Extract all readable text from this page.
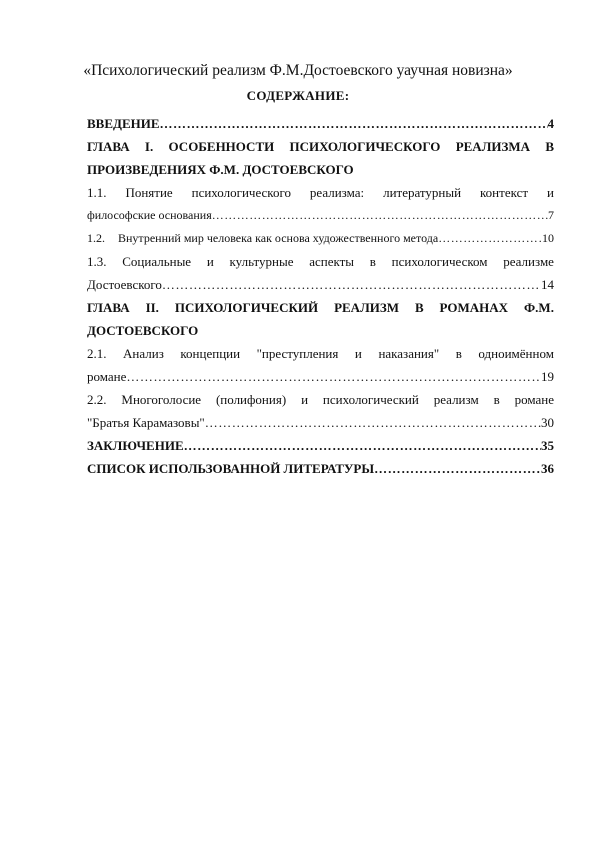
«Психологический реализм Ф.М.Достоевского уаучная новизна»
СОДЕРЖАНИЕ:
ВВЕДЕНИЕ ………………………………………………………………………………………………………………………………………………	4
ГЛАВА I. ОСОБЕННОСТИ ПСИХОЛОГИЧЕСКОГО РЕАЛИЗМА В
ПРОИЗВЕДЕНИЯХ Ф.М. ДОСТОЕВСКОГО
1.1. Понятие психологического реализма: литературный контекст и
философские основания ………………………………………………………………………………………………………………………………………………	7
1.2.	Внутренний мир человека как основа художественного метода ………………………………………………………………………………………………………………………………………………	10
1.3. Социальные и культурные аспекты в психологическом реализме
Достоевского ………………………………………………………………………………………………………………………………………………	14
ГЛАВА II. ПСИХОЛОГИЧЕСКИЙ РЕАЛИЗМ В РОМАНАХ Ф.М.
ДОСТОЕВСКОГО
2.1. Анализ концепции "преступления и наказания" в одноимённом
романе ………………………………………………………………………………………………………………………………………………	19
2.2. Многоголосие (полифония) и психологический реализм в романе
"Братья Карамазовы" ………………………………………………………………………………………………………………………………………………	30
ЗАКЛЮЧЕНИЕ ………………………………………………………………………………………………………………………………………………	35
СПИСОК ИСПОЛЬЗОВАННОЙ ЛИТЕРАТУРЫ ………………………………………………………………………………………………………………………………………………	36
